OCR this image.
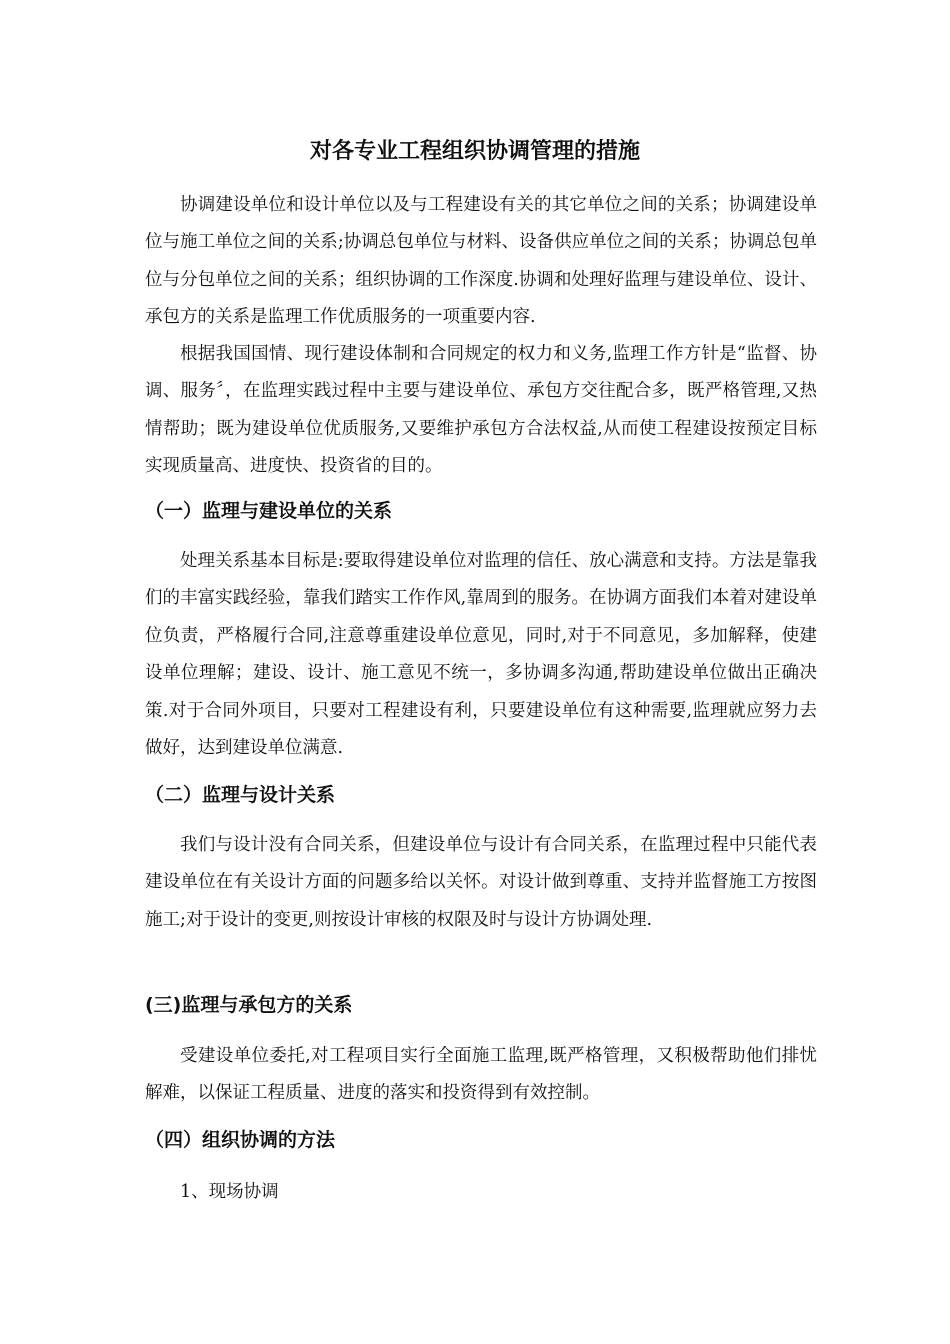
对各专业工程组织协调管理的措施

协调建设单位和设计单位以及与工程建设有关的其它单位之间的关系；协调建设单位与施工单位之间的关系;协调总包单位与材料、设备供应单位之间的关系；协调总包单位与分包单位之间的关系；组织协调的工作深度.协调和处理好监理与建设单位、设计、承包方的关系是监理工作优质服务的一项重要内容.

根据我国国情、现行建设体制和合同规定的权力和义务,监理工作方针是“监督、协调、服务〞，在监理实践过程中主要与建设单位、承包方交往配合多，既严格管理,又热情帮助；既为建设单位优质服务,又要维护承包方合法权益,从而使工程建设按预定目标实现质量高、进度快、投资省的目的。

（一）监理与建设单位的关系

处理关系基本目标是:要取得建设单位对监理的信任、放心满意和支持。方法是靠我们的丰富实践经验，靠我们踏实工作作风,靠周到的服务。在协调方面我们本着对建设单位负责，严格履行合同,注意尊重建设单位意见，同时,对于不同意见，多加解释，使建设单位理解；建设、设计、施工意见不统一，多协调多沟通,帮助建设单位做出正确决策.对于合同外项目，只要对工程建设有利，只要建设单位有这种需要,监理就应努力去做好，达到建设单位满意.

（二）监理与设计关系

我们与设计没有合同关系，但建设单位与设计有合同关系，在监理过程中只能代表建设单位在有关设计方面的问题多给以关怀。对设计做到尊重、支持并监督施工方按图施工;对于设计的变更,则按设计审核的权限及时与设计方协调处理.

(三)监理与承包方的关系

受建设单位委托,对工程项目实行全面施工监理,既严格管理，又积极帮助他们排忧解难，以保证工程质量、进度的落实和投资得到有效控制。

（四）组织协调的方法

1、现场协调
